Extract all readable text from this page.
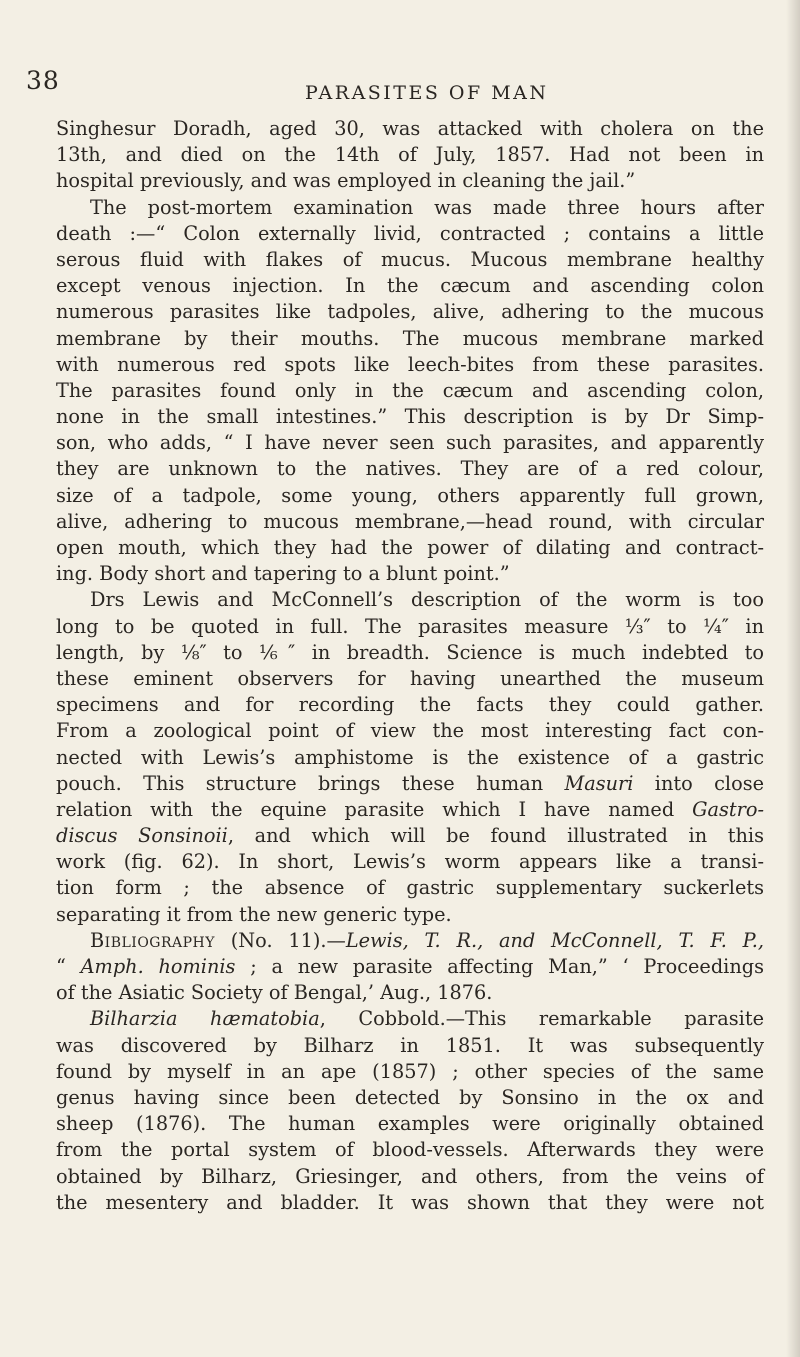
38	PARASITES OF MAN
Singhesur Doradh, aged 30, was attacked with cholera on the
13th, and died on the 14th of July, 1857. Had not been in
hospital previously, and was employed in cleaning the jail.”
The post-mortem examination was made three hours after
death :—“ Colon externally livid, contracted ; contains a little
serous fluid with flakes of mucus. Mucous membrane healthy
except venous injection. In the cæcum and ascending colon
numerous parasites like tadpoles, alive, adhering to the mucous
membrane by their mouths. The mucous membrane marked
with numerous red spots like leech-bites from these parasites.
The parasites found only in the cæcum and ascending colon,
none in the small intestines.” This description is by Dr Simp-
son, who adds, “ I have never seen such parasites, and apparently
they are unknown to the natives. They are of a red colour,
size of a tadpole, some young, others apparently full grown,
alive, adhering to mucous membrane,—head round, with circular
open mouth, which they had the power of dilating and contract-
ing. Body short and tapering to a blunt point.”
Drs Lewis and McConnell’s description of the worm is too
long to be quoted in full. The parasites measure ⅓″ to ¼″ in
length, by ⅛″ to ⅙″ in breadth. Science is much indebted to
these eminent observers for having unearthed the museum
specimens and for recording the facts they could gather.
From a zoological point of view the most interesting fact con-
nected with Lewis’s amphistome is the existence of a gastric
pouch. This structure brings these human Masuri into close
relation with the equine parasite which I have named Gastro-
discus Sonsinoii, and which will be found illustrated in this
work (fig. 62). In short, Lewis’s worm appears like a transi-
tion form ; the absence of gastric supplementary suckerlets
separating it from the new generic type.
Bibliography (No. 11).—Lewis, T. R., and McConnell, T. F. P.,
“ Amph. hominis ; a new parasite affecting Man,” ‘ Proceedings
of the Asiatic Society of Bengal,’ Aug., 1876.
Bilharzia hæmatobia, Cobbold.—This remarkable parasite
was discovered by Bilharz in 1851. It was subsequently
found by myself in an ape (1857) ; other species of the same
genus having since been detected by Sonsino in the ox and
sheep (1876). The human examples were originally obtained
from the portal system of blood-vessels. Afterwards they were
obtained by Bilharz, Griesinger, and others, from the veins of
the mesentery and bladder. It was shown that they were not
